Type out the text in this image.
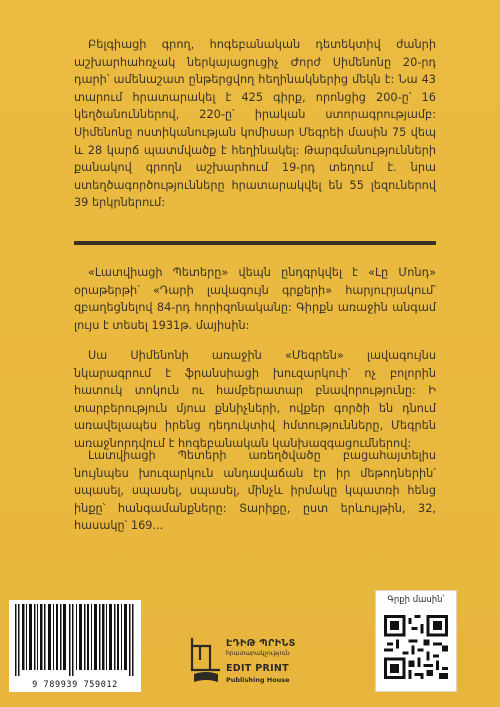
Բելգիացի գրող, հոգեբանական դետեկտիվ ժանրի աշխարհահռչակ ներկայացուցիչ Ժորժ Սիմենոնը 20-րդ դարի՝ ամենաշատ ընթերցվող հեղինակներից մեկն է: Նա 43 տարում հրատարակել է 425 գիրք, որոնցից 200-ը՝ 16 կեղծանուններով, 220-ը՝ իրական ստորագրությամբ: Սիմենոնը ոստիկանության կոմիսար Մեգրեի մասին 75 վեպ և 28 կարճ պատմվածք է հեղինակել: Թարգմանությունների քանակով գրողն աշխարհում 19-րդ տեղում է. նրա ստեղծագործությունները հրատարակվել են 55 լեզուներով 39 երկրներում:

«Լատվիացի Պետերը» վեպն ընդգրկվել է «Լը Մոնդ» օրաթերթի՝ «Դարի լավագույն գրքերի» հարյուրյակում՝ զբաղեցնելով 84-րդ հորիզոնականը: Գիրքն առաջին անգամ լույս է տեսել 1931թ. մայիսին:

Սա Սիմենոնի առաջին «Մեգրեն» լավագույնս նկարագրում է ֆրանսիացի խուզարկուի՝ ոչ բոլորին հատուկ տոկուն ու համբերատար բնավորությունը: Ի տարբերություն մյուս քննիչների, ովքեր գործի են դնում առավելապես իրենց դեդուկտիվ հմտությունները, Մեգրեն առաջնորդվում է հոգեբանական կանխազգացումներով:

Լատվիացի Պետերի առեղծվածը բացահայտելիս նույնպես խուզարկուն անդավաճան էր իր մեթոդներին՝ սպասել, սպասել, սպասել, մինչև իրմակը կպատռի հենց ինքը՝ հանգամանքները: Տարիքը, ըստ երևույթին, 32, հասակը՝ 169...

9 789939 759012
ԷԴԻԹ ՊՐԻՆՏ
հրատարակչություն
EDIT PRINT
Publishing House
Գրքի մասին՝
